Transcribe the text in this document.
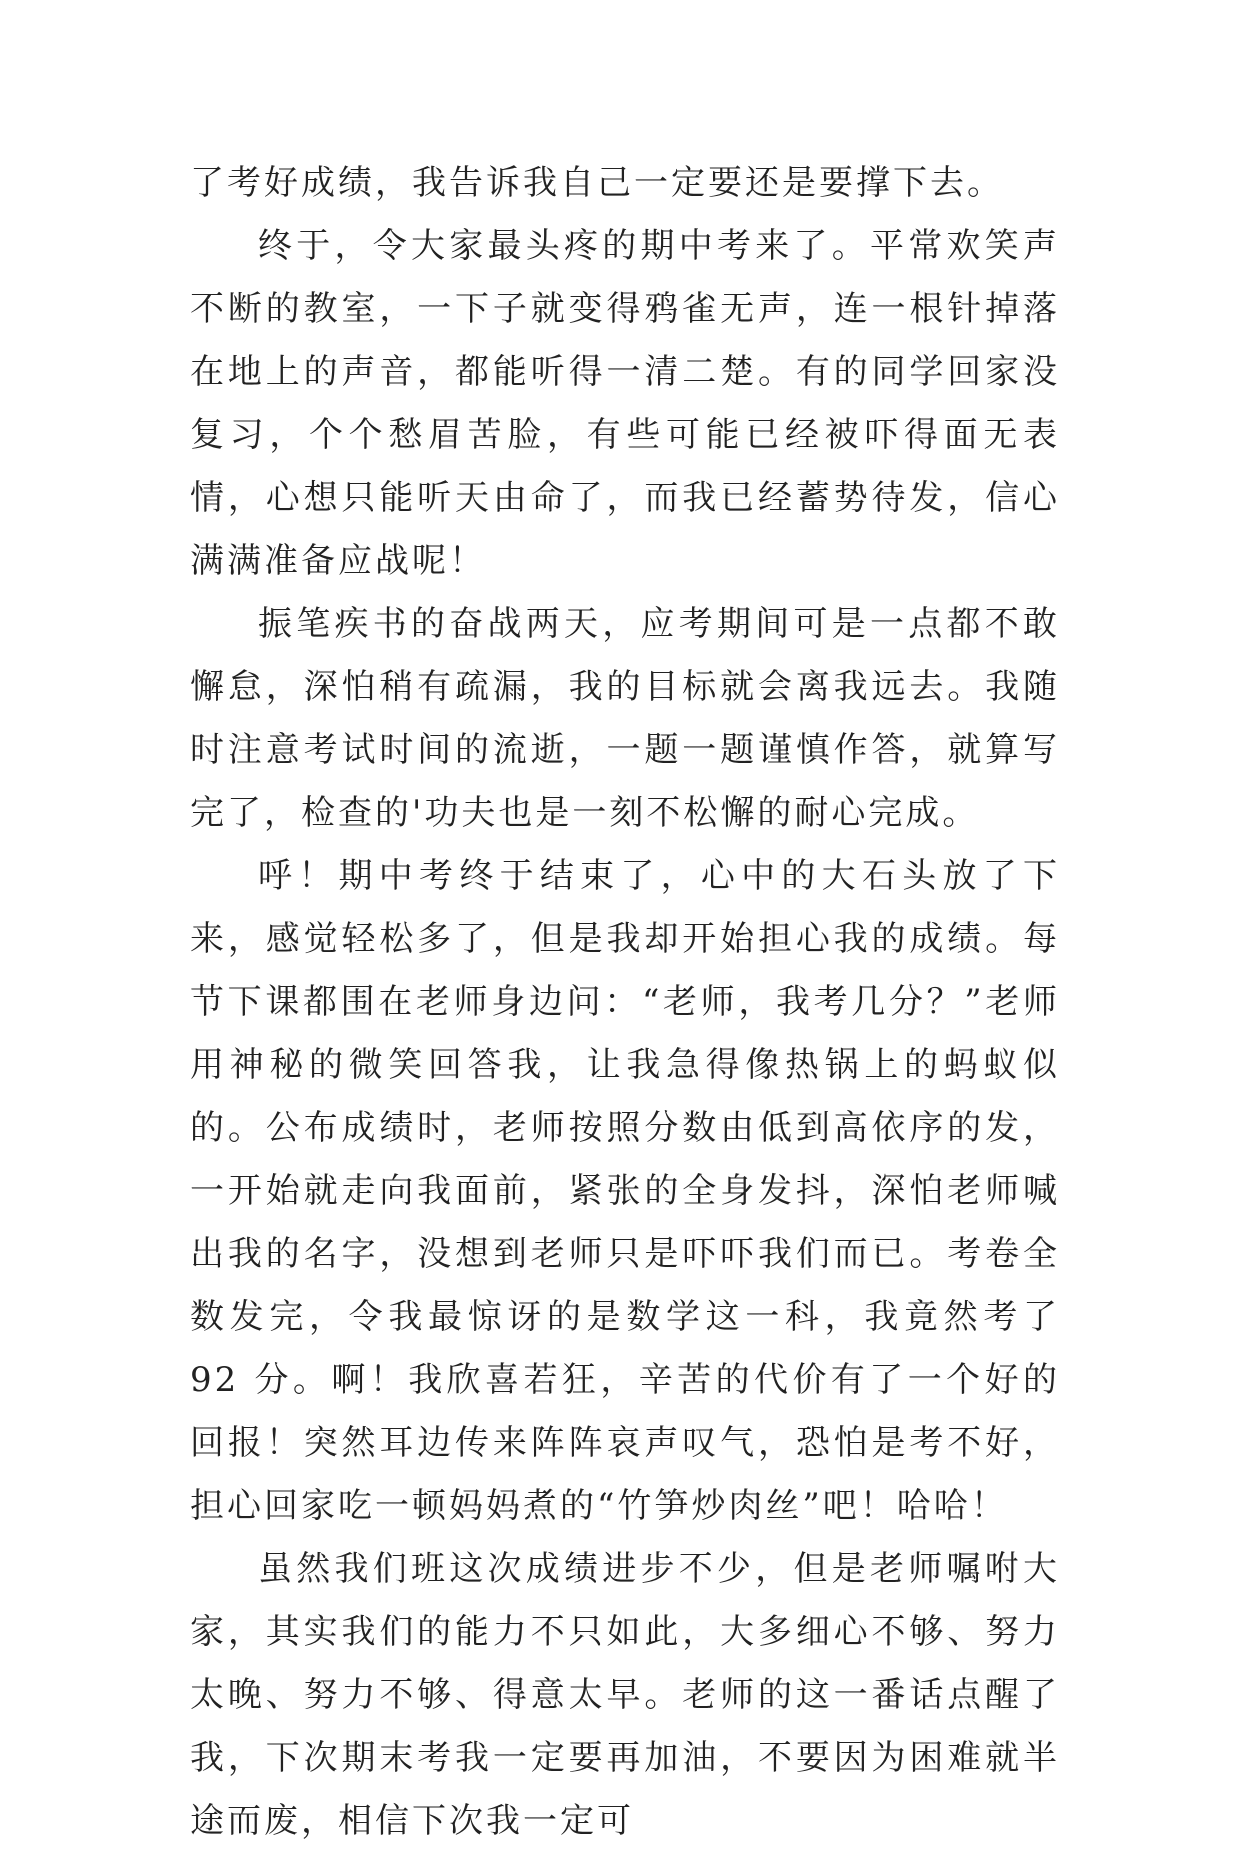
了考好成绩，我告诉我自己一定要还是要撑下去。

终于，令大家最头疼的期中考来了。平常欢笑声不断的教室，一下子就变得鸦雀无声，连一根针掉落在地上的声音，都能听得一清二楚。有的同学回家没复习，个个愁眉苦脸，有些可能已经被吓得面无表情，心想只能听天由命了，而我已经蓄势待发，信心满满准备应战呢！

振笔疾书的奋战两天，应考期间可是一点都不敢懈怠，深怕稍有疏漏，我的目标就会离我远去。我随时注意考试时间的流逝，一题一题谨慎作答，就算写完了，检查的'功夫也是一刻不松懈的耐心完成。

呼！期中考终于结束了，心中的大石头放了下来，感觉轻松多了，但是我却开始担心我的成绩。每节下课都围在老师身边问：“老师，我考几分？”老师用神秘的微笑回答我，让我急得像热锅上的蚂蚁似的。公布成绩时，老师按照分数由低到高依序的发，一开始就走向我面前，紧张的全身发抖，深怕老师喊出我的名字，没想到老师只是吓吓我们而已。考卷全数发完，令我最惊讶的是数学这一科，我竟然考了 92 分。啊！我欣喜若狂，辛苦的代价有了一个好的回报！突然耳边传来阵阵哀声叹气，恐怕是考不好，担心回家吃一顿妈妈煮的“竹笋炒肉丝”吧！哈哈！

虽然我们班这次成绩进步不少，但是老师嘱咐大家，其实我们的能力不只如此，大多细心不够、努力太晚、努力不够、得意太早。老师的这一番话点醒了我，下次期末考我一定要再加油，不要因为困难就半途而废，相信下次我一定可
